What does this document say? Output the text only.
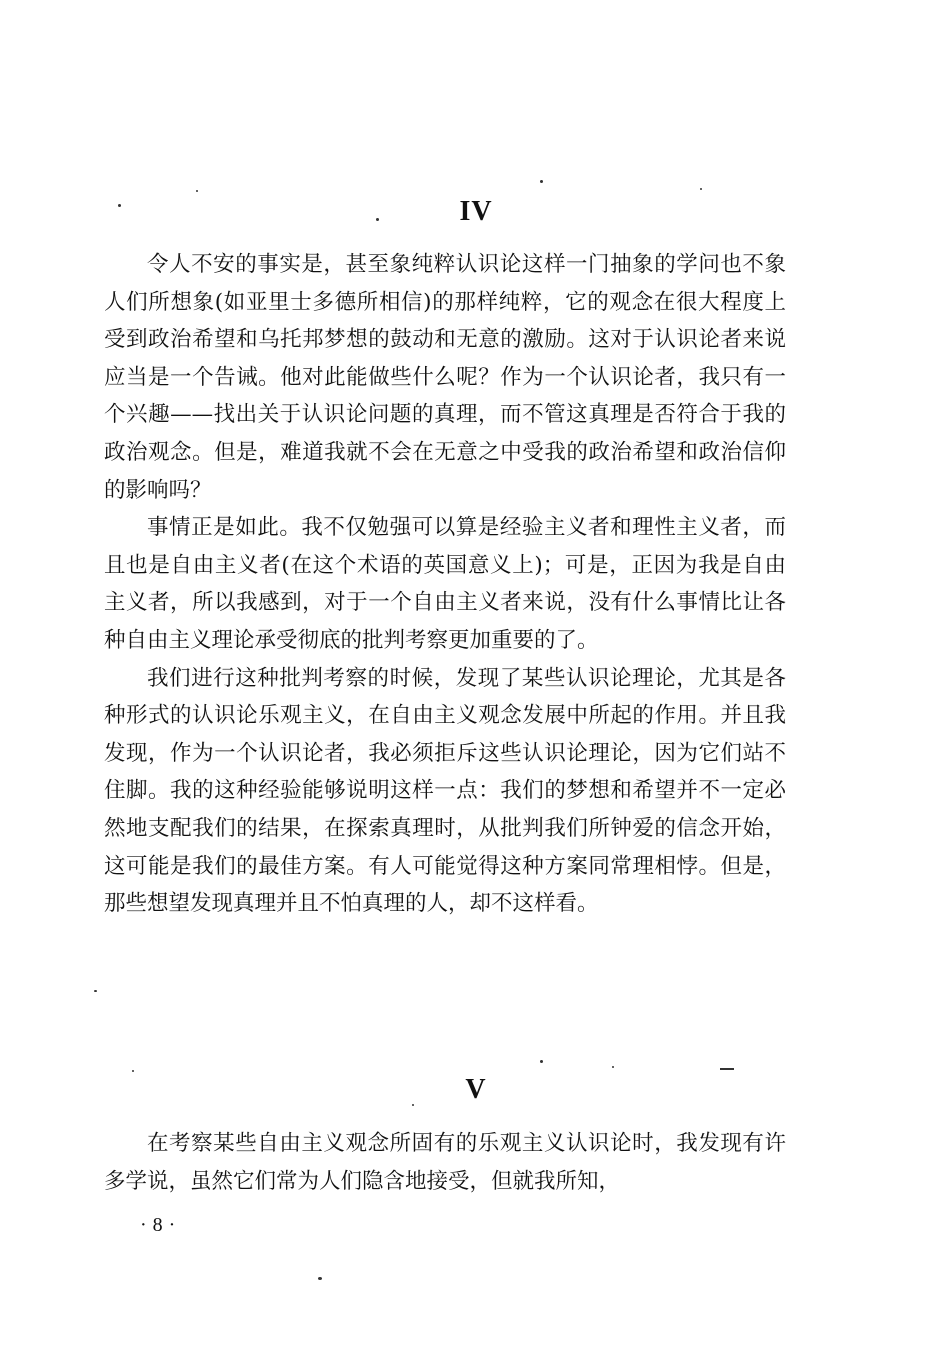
IV

令人不安的事实是，甚至象纯粹认识论这样一门抽象的学问也不象人们所想象(如亚里士多德所相信)的那样纯粹，它的观念在很大程度上受到政治希望和乌托邦梦想的鼓动和无意的激励。这对于认识论者来说应当是一个告诫。他对此能做些什么呢？作为一个认识论者，我只有一个兴趣——找出关于认识论问题的真理，而不管这真理是否符合于我的政治观念。但是，难道我就不会在无意之中受我的政治希望和政治信仰的影响吗？

事情正是如此。我不仅勉强可以算是经验主义者和理性主义者，而且也是自由主义者(在这个术语的英国意义上)；可是，正因为我是自由主义者，所以我感到，对于一个自由主义者来说，没有什么事情比让各种自由主义理论承受彻底的批判考察更加重要的了。

我们进行这种批判考察的时候，发现了某些认识论理论，尤其是各种形式的认识论乐观主义，在自由主义观念发展中所起的作用。并且我发现，作为一个认识论者，我必须拒斥这些认识论理论，因为它们站不住脚。我的这种经验能够说明这样一点：我们的梦想和希望并不一定必然地支配我们的结果，在探索真理时，从批判我们所钟爱的信念开始，这可能是我们的最佳方案。有人可能觉得这种方案同常理相悖。但是，那些想望发现真理并且不怕真理的人，却不这样看。

V

在考察某些自由主义观念所固有的乐观主义认识论时，我发现有许多学说，虽然它们常为人们隐含地接受，但就我所知，

·8·
